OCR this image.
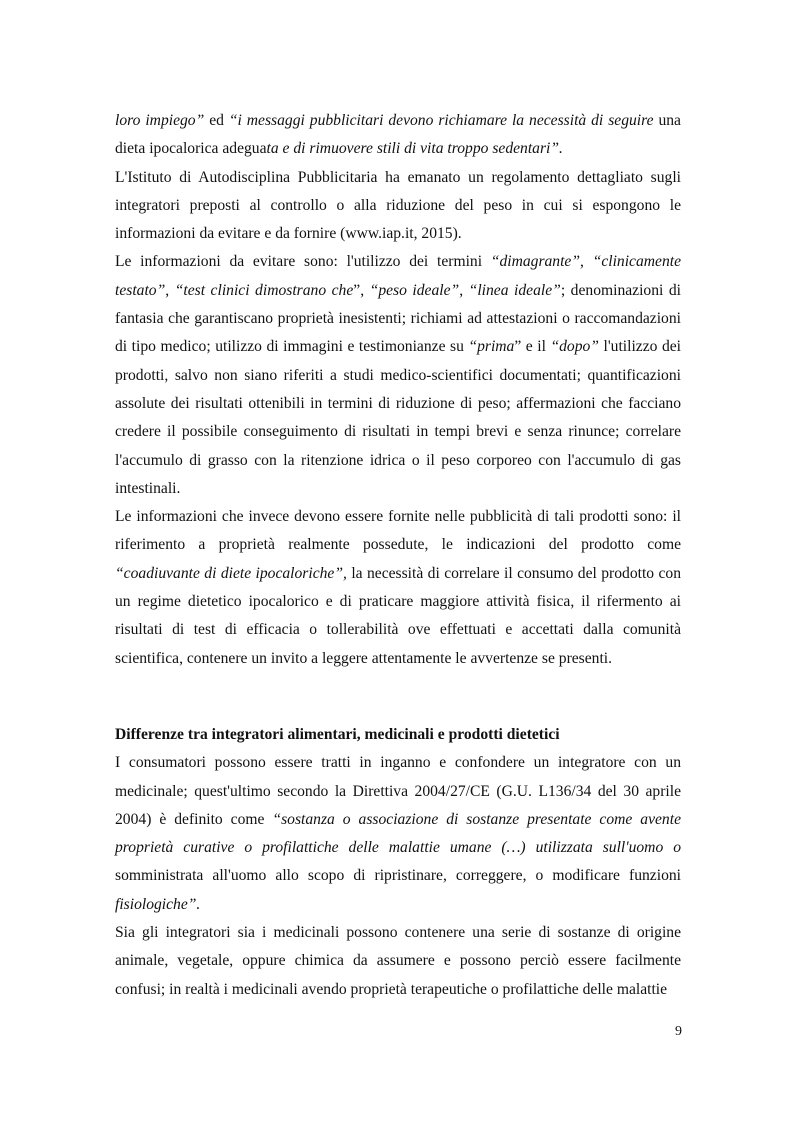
loro impiego” ed “i messaggi pubblicitari devono richiamare la necessità di seguire una dieta ipocalorica adeguata e di rimuovere stili di vita troppo sedentari”.

L'Istituto di Autodisciplina Pubblicitaria ha emanato un regolamento dettagliato sugli integratori preposti al controllo o alla riduzione del peso in cui si espongono le informazioni da evitare e da fornire (www.iap.it, 2015).

Le informazioni da evitare sono: l'utilizzo dei termini “dimagrante”, “clinicamente testato”, “test clinici dimostrano che”, “peso ideale”, “linea ideale”; denominazioni di fantasia che garantiscano proprietà inesistenti; richiami ad attestazioni o raccomandazioni di tipo medico; utilizzo di immagini e testimonianze su “prima” e il “dopo” l'utilizzo dei prodotti, salvo non siano riferiti a studi medico-scientifici documentati; quantificazioni assolute dei risultati ottenibili in termini di riduzione di peso; affermazioni che facciano credere il possibile conseguimento di risultati in tempi brevi e senza rinunce; correlare l'accumulo di grasso con la ritenzione idrica o il peso corporeo con l'accumulo di gas intestinali.

Le informazioni che invece devono essere fornite nelle pubblicità di tali prodotti sono: il riferimento a proprietà realmente possedute, le indicazioni del prodotto come “coadiuvante di diete ipocaloriche”, la necessità di correlare il consumo del prodotto con un regime dietetico ipocalorico e di praticare maggiore attività fisica, il rifermento ai risultati di test di efficacia o tollerabilità ove effettuati e accettati dalla comunità scientifica, contenere un invito a leggere attentamente le avvertenze se presenti.

Differenze tra integratori alimentari, medicinali e prodotti dietetici

I consumatori possono essere tratti in inganno e confondere un integratore con un medicinale; quest'ultimo secondo la Direttiva 2004/27/CE (G.U. L136/34 del 30 aprile 2004) è definito come “sostanza o associazione di sostanze presentate come avente proprietà curative o profilattiche delle malattie umane (…) utilizzata sull'uomo o somministrata all'uomo allo scopo di ripristinare, correggere, o modificare funzioni fisiologiche”.

Sia gli integratori sia i medicinali possono contenere una serie di sostanze di origine animale, vegetale, oppure chimica da assumere e possono perciò essere facilmente confusi; in realtà i medicinali avendo proprietà terapeutiche o profilattiche delle malattie

9
